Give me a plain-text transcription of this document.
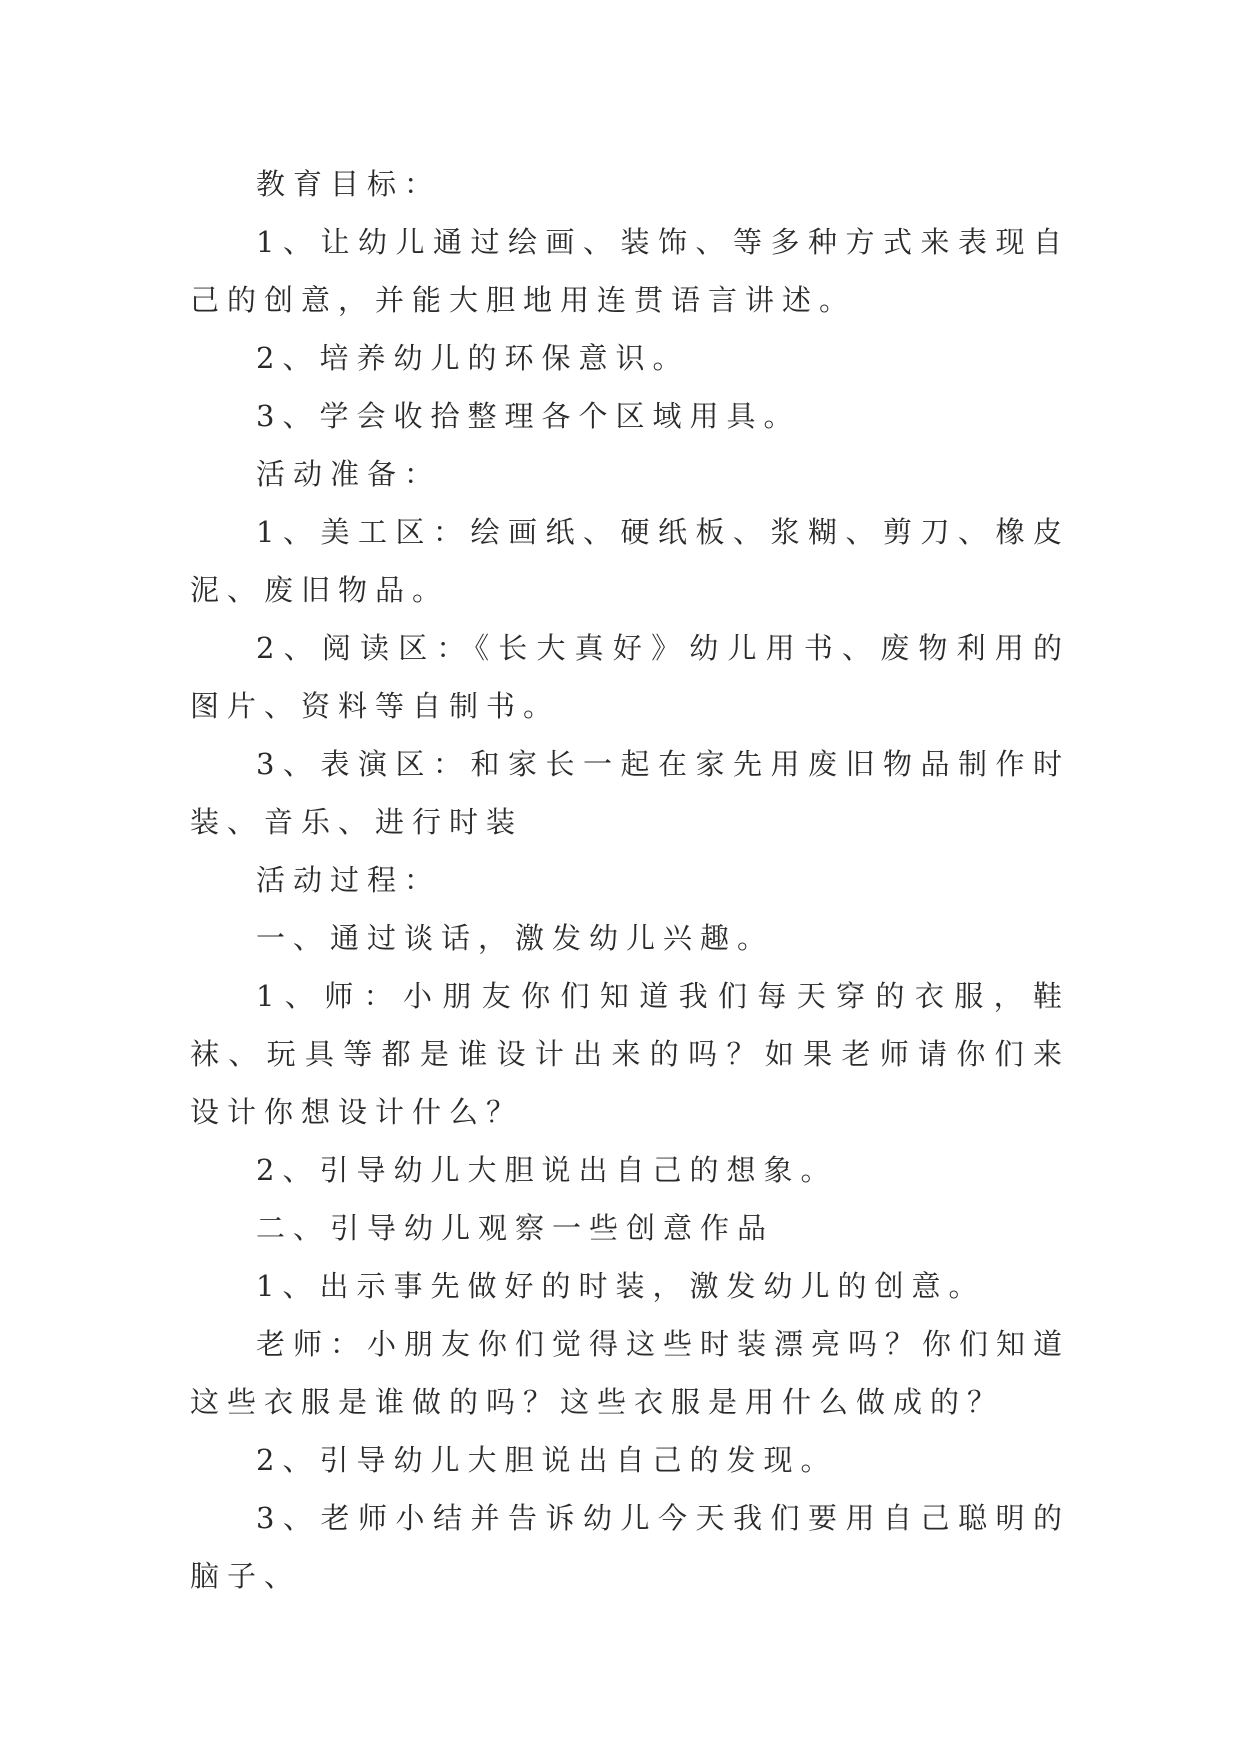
教育目标：

1、让幼儿通过绘画、装饰、等多种方式来表现自己的创意，并能大胆地用连贯语言讲述。

2、培养幼儿的环保意识。

3、学会收拾整理各个区域用具。

活动准备：

1、美工区：绘画纸、硬纸板、浆糊、剪刀、橡皮泥、废旧物品。

2、阅读区：《长大真好》幼儿用书、废物利用的图片、资料等自制书。

3、表演区：和家长一起在家先用废旧物品制作时装、音乐、进行时装

活动过程：

一、通过谈话，激发幼儿兴趣。

1、师：小朋友你们知道我们每天穿的衣服，鞋袜、玩具等都是谁设计出来的吗？如果老师请你们来设计你想设计什么？

2、引导幼儿大胆说出自己的想象。

二、引导幼儿观察一些创意作品

1、出示事先做好的时装，激发幼儿的创意。

老师：小朋友你们觉得这些时装漂亮吗？你们知道这些衣服是谁做的吗？这些衣服是用什么做成的？

2、引导幼儿大胆说出自己的发现。

3、老师小结并告诉幼儿今天我们要用自己聪明的脑子、
